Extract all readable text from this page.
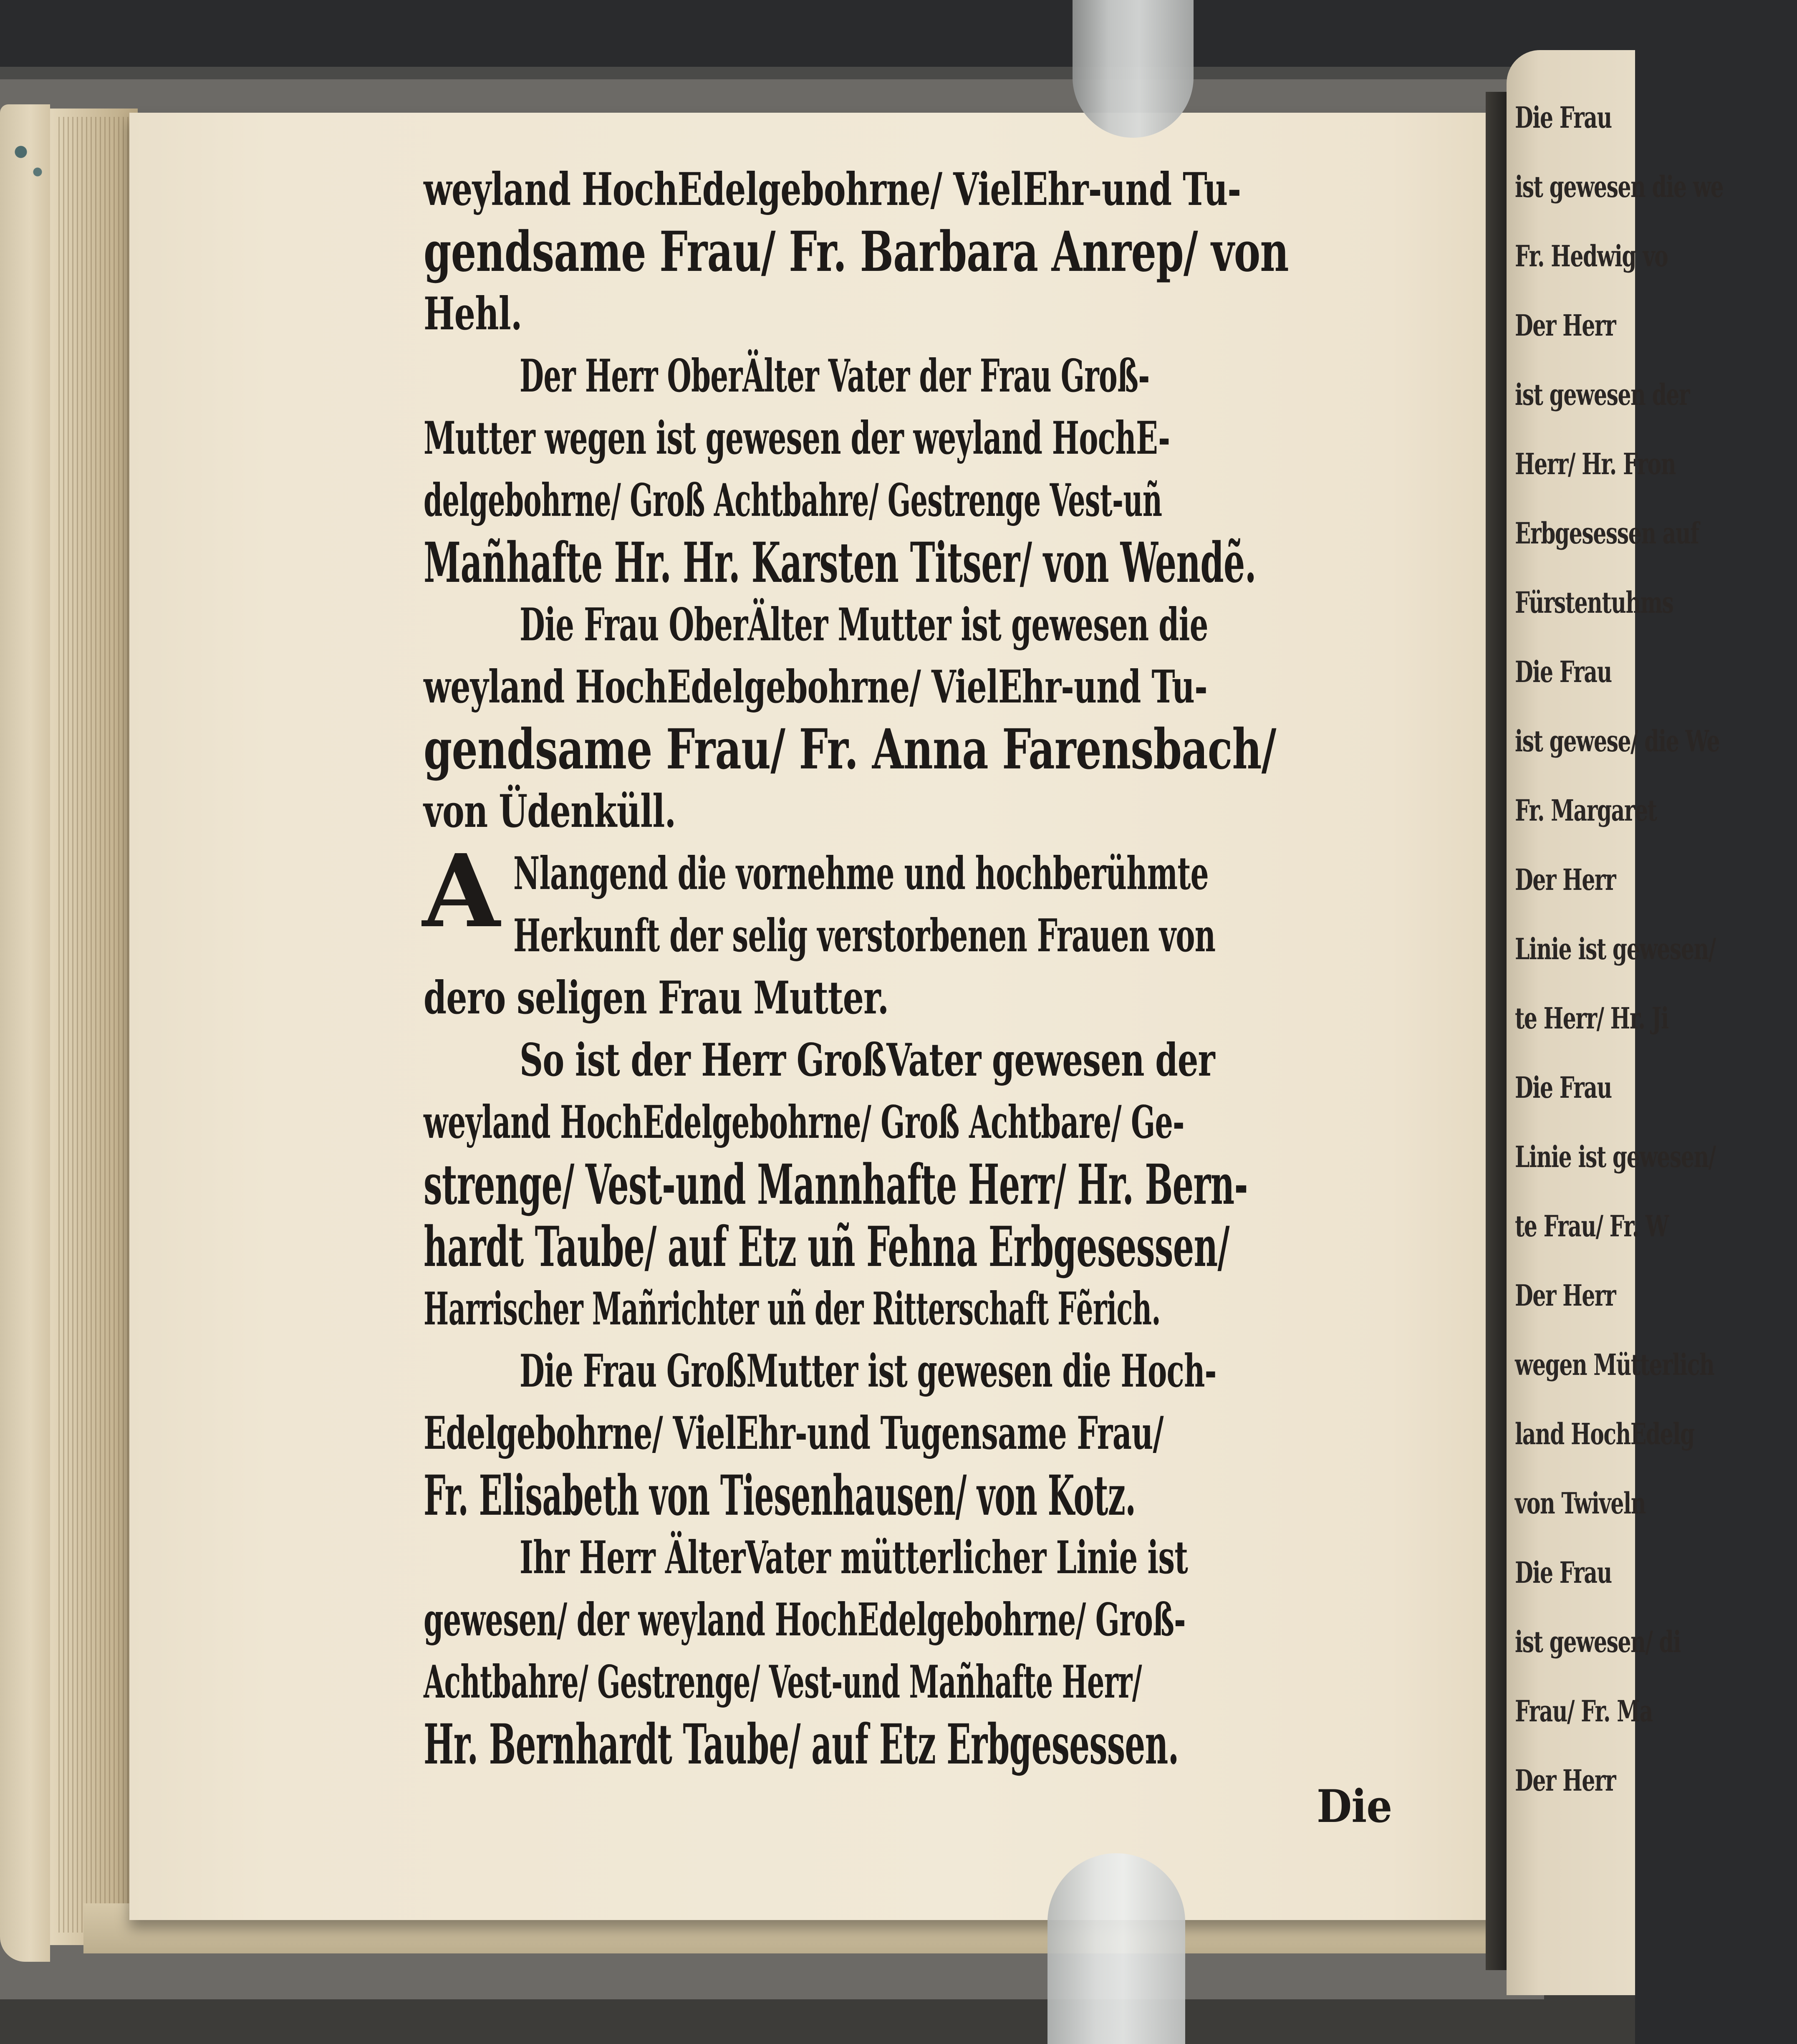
Die Frau
ist gewesen die we
Fr. Hedwig vo
Der Herr
ist gewesen der
Herr/ Hr. Fron
Erbgesessen auf
Fürstentuhms
Die Frau
ist gewese/ die We
Fr. Margaret
Der Herr
Linie ist gewesen/
te Herr/ Hr. Ji
Die Frau
Linie ist gewesen/
te Frau/ Fr. W
Der Herr
wegen Mütterlich
land HochEdelg
von Twiveln
Die Frau
ist gewesen/ di
Frau/ Fr. Ma
Der Herr
A
weyland HochEdelgebohrne/ VielEhr-und Tu-
gendsame Frau/ Fr. Barbara Anrep/ von
Hehl.
Der Herr OberÄlter Vater der Frau Groß-
Mutter wegen ist gewesen der weyland HochE-
delgebohrne/ Groß Achtbahre/ Gestrenge Vest-uñ
Mañhafte Hr. Hr. Karsten Titser/ von Wendẽ.
Die Frau OberÄlter Mutter ist gewesen die
weyland HochEdelgebohrne/ VielEhr-und Tu-
gendsame Frau/ Fr. Anna Farensbach/
von Üdenküll.
Nlangend die vornehme und hochberühmte
Herkunft der selig verstorbenen Frauen von
dero seligen Frau Mutter.
So ist der Herr GroßVater gewesen der
weyland HochEdelgebohrne/ Groß Achtbare/ Ge-
strenge/ Vest-und Mannhafte Herr/ Hr. Bern-
hardt Taube/ auf Etz uñ Fehna Erbgesessen/
Harrischer Mañrichter uñ der Ritterschaft Fẽrich.
Die Frau GroßMutter ist gewesen die Hoch-
Edelgebohrne/ VielEhr-und Tugensame Frau/
Fr. Elisabeth von Tiesenhausen/ von Kotz.
Ihr Herr ÄlterVater mütterlicher Linie ist
gewesen/ der weyland HochEdelgebohrne/ Groß-
Achtbahre/ Gestrenge/ Vest-und Mañhafte Herr/
Hr. Bernhardt Taube/ auf Etz Erbgesessen.
Die
